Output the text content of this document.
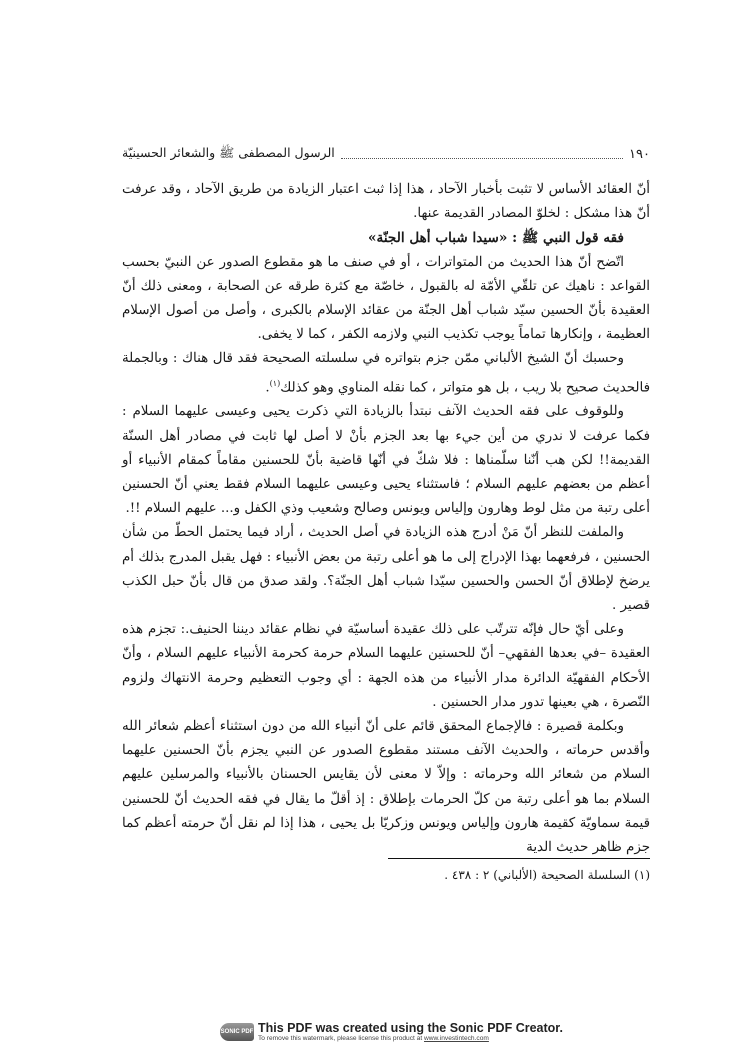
١٩٠
الرسول المصطفى ﷺ والشعائر الحسينيّة

أنّ العقائد الأساس لا تثبت بأخبار الآحاد ، هذا إذا ثبت اعتبار الزيادة من طريق الآحاد ، وقد عرفت أنّ هذا مشكل : لخلوّ المصادر القديمة عنها.

فقه قول النبي ﷺ : «سيدا شباب أهل الجنّة»

اتّضح أنّ هذا الحديث من المتواترات ، أو في صنف ما هو مقطوع الصدور عن النبيّ بحسب القواعد : ناهيك عن تلقّي الأمّة له بالقبول ، خاصّة مع كثرة طرقه عن الصحابة ، ومعنى ذلك أنّ العقيدة بأنّ الحسين سيّد شباب أهل الجنّة من عقائد الإسلام بالكبرى ، وأصل من أصول الإسلام العظيمة ، وإنكارها تماماً يوجب تكذيب النبي ولازمه الكفر ، كما لا يخفى.

وحسبك أنّ الشيخ الألباني ممّن جزم بتواتره في سلسلته الصحيحة فقد قال هناك : وبالجملة فالحديث صحيح بلا ريب ، بل هو متواتر ، كما نقله المناوي وهو كذلك$^{(١)}$.

وللوقوف على فقه الحديث الآنف نبتدأ بالزيادة التي ذكرت يحيى وعيسى عليهما السلام : فكما عرفت لا ندري من أين جيء بها بعد الجزم بأنْ لا أصل لها ثابت في مصادر أهل السنّة القديمة!! لكن هب أنّنا سلّمناها : فلا شكّ في أنّها قاضية بأنّ للحسنين مقاماً كمقام الأنبياء أو أعظم من بعضهم عليهم السلام ؛ فاستثناء يحيى وعيسى عليهما السلام فقط يعني أنّ الحسنين أعلى رتبة من مثل لوط وهارون وإلياس ويونس وصالح وشعيب وذي الكفل و... عليهم السلام !!.

والملفت للنظر أنّ مَنْ أدرج هذه الزيادة في أصل الحديث ، أراد فيما يحتمل الحطّ من شأن الحسنين ، فرفعهما بهذا الإدراج إلى ما هو أعلى رتبة من بعض الأنبياء : فهل يقبل المدرج بذلك أم يرضخ لإطلاق أنّ الحسن والحسين سيّدا شباب أهل الجنّة؟. ولقد صدق من قال بأنّ حبل الكذب قصير .

وعلى أيّ حال فإنّه تترتّب على ذلك عقيدة أساسيّة في نظام عقائد ديننا الحنيف.: تجزم هذه العقيدة –في بعدها الفقهي– أنّ للحسنين عليهما السلام حرمة كحرمة الأنبياء عليهم السلام ، وأنّ الأحكام الفقهيّة الدائرة مدار الأنبياء من هذه الجهة : أي وجوب التعظيم وحرمة الانتهاك ولزوم النّصرة ، هي بعينها تدور مدار الحسنين .

وبكلمة قصيرة : فالإجماع المحقق قائم على أنّ أنبياء الله من دون استثناء أعظم شعائر الله وأقدس حرماته ، والحديث الآنف مستند مقطوع الصدور عن النبي يجزم بأنّ الحسنين عليهما السلام من شعائر الله وحرماته : وإلاّ لا معنى لأن يقايس الحسنان بالأنبياء والمرسلين عليهم السلام بما هو أعلى رتبة من كلّ الحرمات بإطلاق : إذ أقلّ ما يقال في فقه الحديث أنّ للحسنين قيمة سماويّة كقيمة هارون وإلياس ويونس وزكريّا بل يحيى ، هذا إذا لم نقل أنّ حرمته أعظم كما جزم ظاهر حديث الدية

(١) السلسلة الصحيحة (الألباني) ٢ : ٤٣٨ .
SONIC PDF This PDF was created using the Sonic PDF Creator.
To remove this watermark, please license this product at www.investintech.com
